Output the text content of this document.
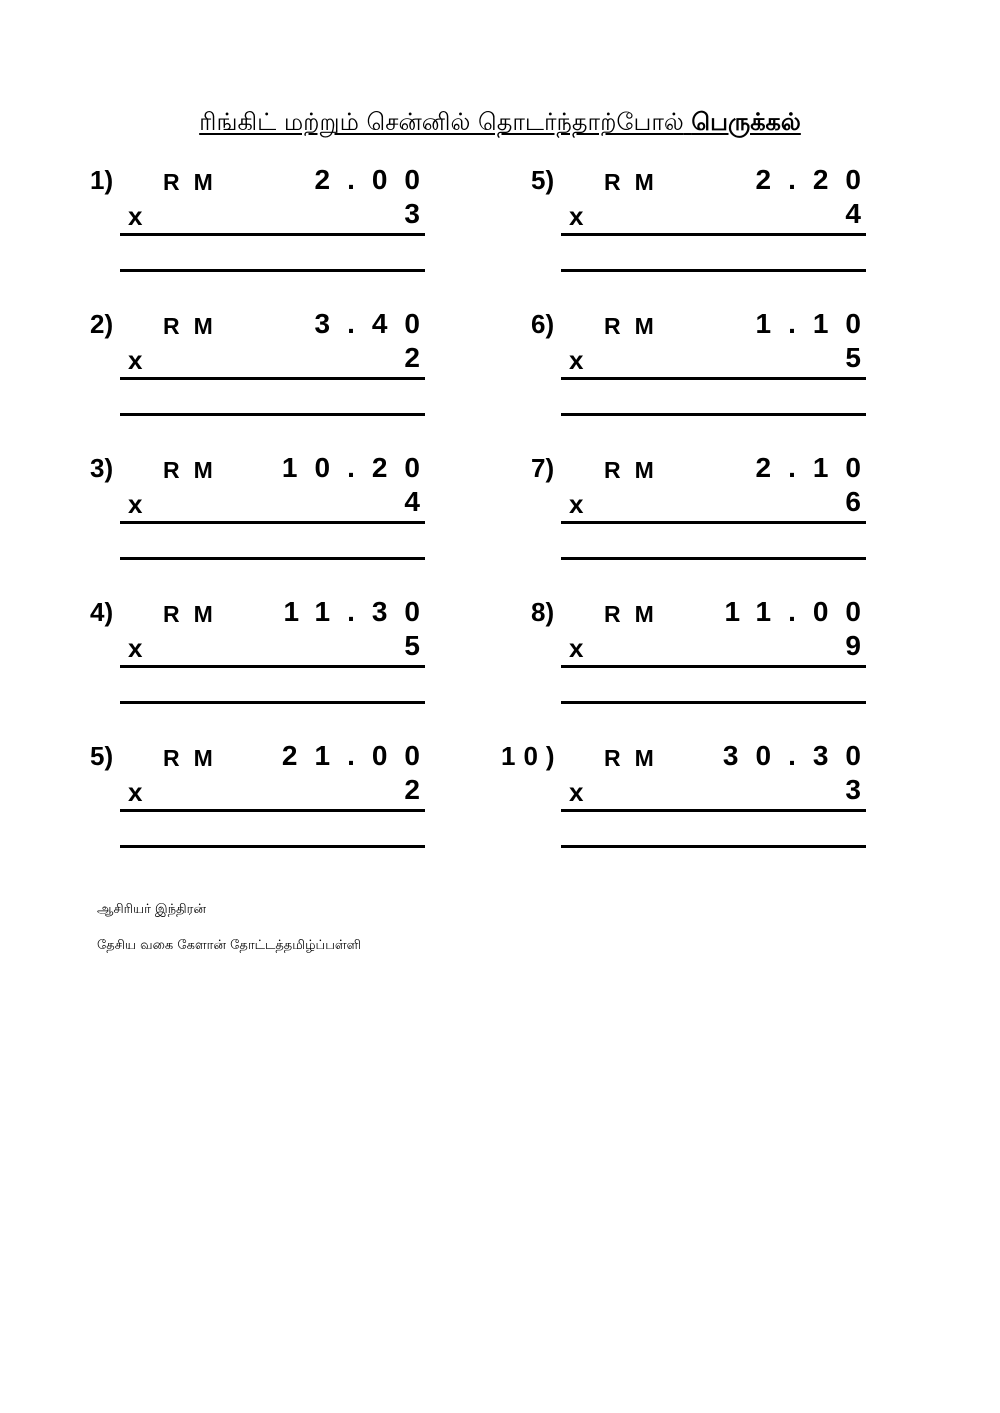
ரிங்கிட் மற்றும் சென்னில் தொடர்ந்தாற்போல் பெருக்கல்
1) RM	2.00
x	3
2) RM	3.40
x	2
3) RM 10.20
x	4
4) RM 11.30
x	5
5) RM 21.00
x	2
5) RM	2.20
x	4
6) RM	1.10
x	5
7) RM	2.10
x	6
8) RM 11.00
x	9
10) RM 30.30
x	3
ஆசிரியர் இந்திரன்
தேசிய வகை கேளான் தோட்டத்தமிழ்ப்பள்ளி
